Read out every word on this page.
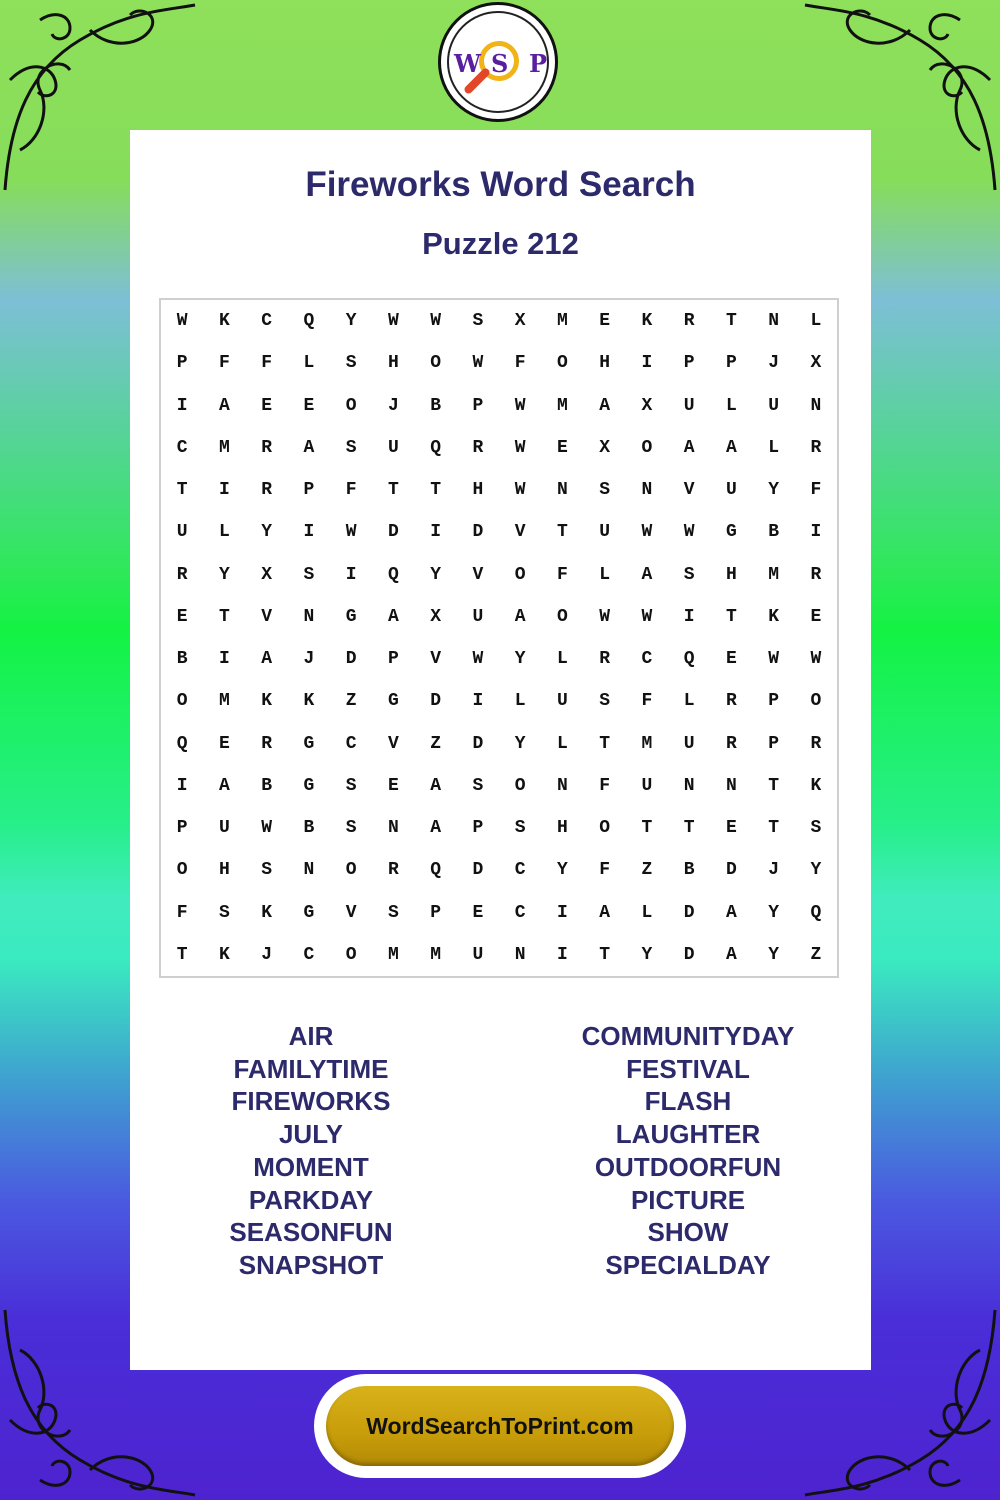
W S P
Fireworks Word Search
Puzzle 212
W	K	C	Q	Y	W	W	S	X	M	E	K	R	T	N	L
P	F	F	L	S	H	O	W	F	O	H	I	P	P	J	X
I	A	E	E	O	J	B	P	W	M	A	X	U	L	U	N
C	M	R	A	S	U	Q	R	W	E	X	O	A	A	L	R
T	I	R	P	F	T	T	H	W	N	S	N	V	U	Y	F
U	L	Y	I	W	D	I	D	V	T	U	W	W	G	B	I
R	Y	X	S	I	Q	Y	V	O	F	L	A	S	H	M	R
E	T	V	N	G	A	X	U	A	O	W	W	I	T	K	E
B	I	A	J	D	P	V	W	Y	L	R	C	Q	E	W	W
O	M	K	K	Z	G	D	I	L	U	S	F	L	R	P	O
Q	E	R	G	C	V	Z	D	Y	L	T	M	U	R	P	R
I	A	B	G	S	E	A	S	O	N	F	U	N	N	T	K
P	U	W	B	S	N	A	P	S	H	O	T	T	E	T	S
O	H	S	N	O	R	Q	D	C	Y	F	Z	B	D	J	Y
F	S	K	G	V	S	P	E	C	I	A	L	D	A	Y	Q
T	K	J	C	O	M	M	U	N	I	T	Y	D	A	Y	Z
AIR
FAMILYTIME
FIREWORKS
JULY
MOMENT
PARKDAY
SEASONFUN
SNAPSHOT
COMMUNITYDAY
FESTIVAL
FLASH
LAUGHTER
OUTDOORFUN
PICTURE
SHOW
SPECIALDAY
WordSearchToPrint.com
